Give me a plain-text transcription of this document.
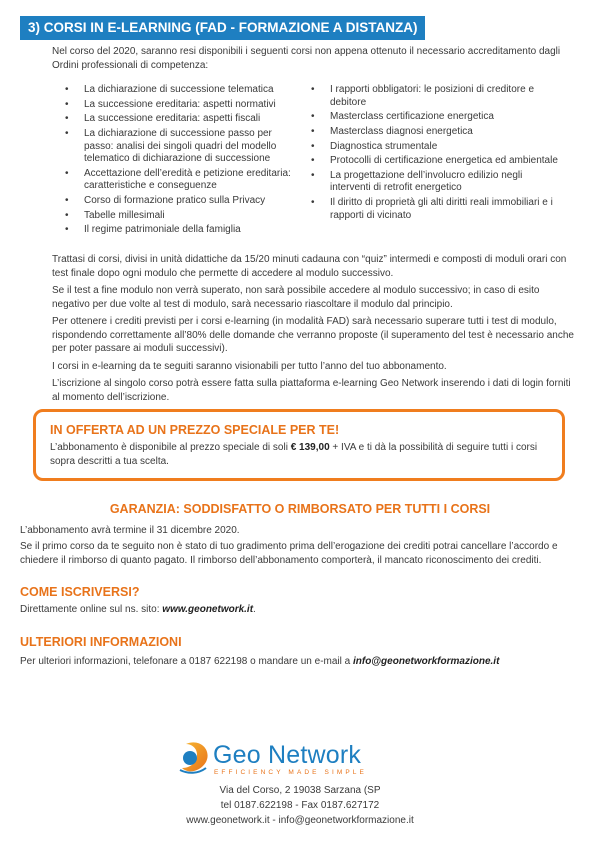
3) CORSI IN E-LEARNING (FAD - FORMAZIONE A DISTANZA)
Nel corso del 2020, saranno resi disponibili i seguenti corsi non appena ottenuto il necessario accreditamento dagli Ordini professionali di competenza:
• La dichiarazione di successione telematica
• La successione ereditaria: aspetti normativi
• La successione ereditaria: aspetti fiscali
• La dichiarazione di successione passo per passo: analisi dei singoli quadri del modello telematico di dichiarazione di successione
• Accettazione dell’eredità e petizione ereditaria: caratteristiche e conseguenze
• Corso di formazione pratico sulla Privacy
• Tabelle millesimali
• Il regime patrimoniale della famiglia
• I rapporti obbligatori: le posizioni di creditore e debitore
• Masterclass certificazione energetica
• Masterclass diagnosi energetica
• Diagnostica strumentale
• Protocolli di certificazione energetica ed ambientale
• La progettazione dell’involucro edilizio negli interventi di retrofit energetico
• Il diritto di proprietà gli alti diritti reali immobiliari e i rapporti di vicinato
Trattasi di corsi, divisi in unità didattiche da 15/20 minuti cadauna con “quiz” intermedi e composti di moduli orari con test finale dopo ogni modulo che permette di accedere al modulo successivo.
Se il test a fine modulo non verrà superato, non sarà possibile accedere al modulo successivo; in caso di esito negativo per due volte al test di modulo, sarà necessario riascoltare il modulo dal principio.
Per ottenere i crediti previsti per i corsi e-learning (in modalità FAD) sarà necessario superare tutti i test di modulo, rispondendo correttamente all’80% delle domande che verranno proposte (il superamento del test è necessario anche per poter passare ai moduli successivi).
I corsi in e-learning da te seguiti saranno visionabili per tutto l’anno del tuo abbonamento.
L’iscrizione al singolo corso potrà essere fatta sulla piattaforma e-learning Geo Network inserendo i dati di login forniti al momento dell’iscrizione.
IN OFFERTA AD UN PREZZO SPECIALE PER TE!
L’abbonamento è disponibile al prezzo speciale di soli € 139,00 + IVA e ti dà la possibilità di seguire tutti i corsi sopra descritti a tua scelta.
GARANZIA: SODDISFATTO O RIMBORSATO PER TUTTI I CORSI
L’abbonamento avrà termine il 31 dicembre 2020.
Se il primo corso da te seguito non è stato di tuo gradimento prima dell’erogazione dei crediti potrai cancellare l’accordo e chiedere il rimborso di quanto pagato. Il rimborso dell’abbonamento comporterà, il mancato riconoscimento dei crediti.
COME ISCRIVERSI?
Direttamente online sul ns. sito: www.geonetwork.it.
ULTERIORI INFORMAZIONI
Per ulteriori informazioni, telefonare a 0187 622198 o mandare un e-mail a info@geonetworkformazione.it
Geo Network
EFFICIENCY MADE SIMPLE
Via del Corso, 2 19038 Sarzana (SP
tel 0187.622198 - Fax 0187.627172
www.geonetwork.it - info@geonetworkformazione.it
